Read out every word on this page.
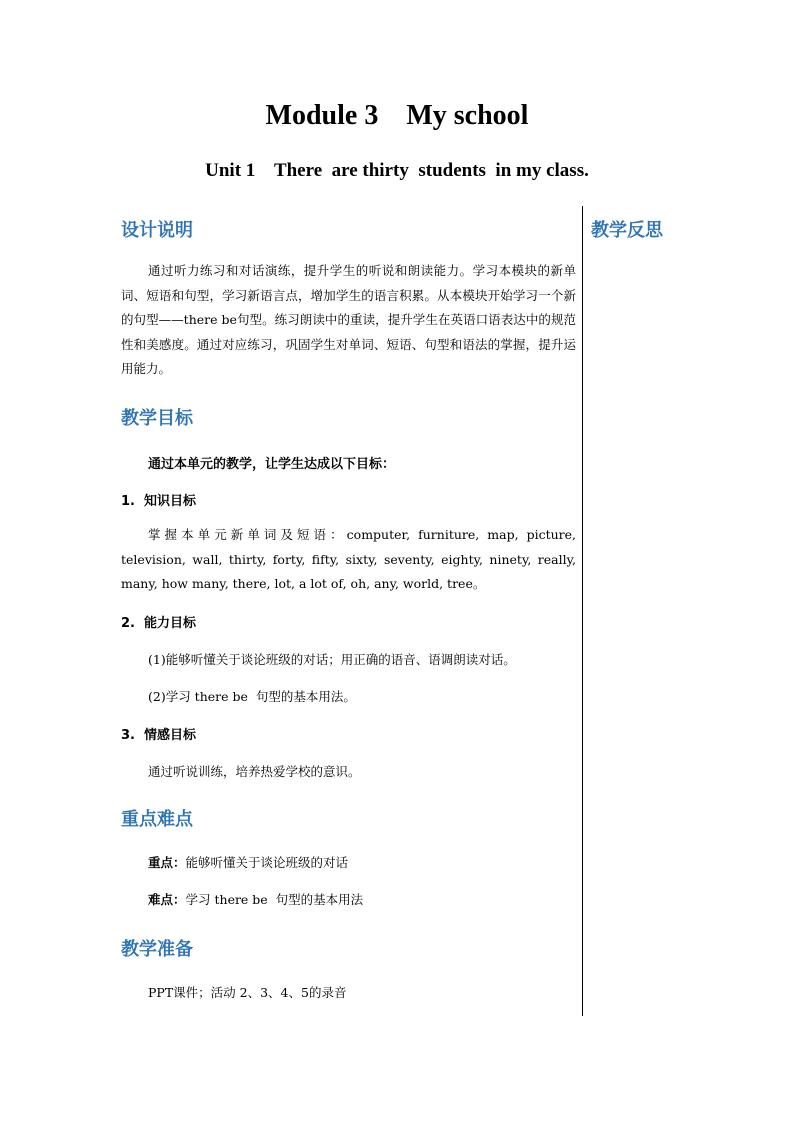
Module 3    My school
Unit 1    There  are thirty  students  in my class.
教学反思
设计说明
通过听力练习和对话演练，提升学生的听说和朗读能力。学习本模块的新单词、短语和句型，学习新语言点，增加学生的语言积累。从本模块开始学习一个新的句型——there be句型。练习朗读中的重读，提升学生在英语口语表达中的规范性和美感度。通过对应练习，巩固学生对单词、短语、句型和语法的掌握，提升运用能力。
教学目标
通过本单元的教学，让学生达成以下目标：
1.  知识目标
掌握本单元新单词及短语：computer, furniture, map, picture, television, wall, thirty, forty, fifty, sixty, seventy, eighty, ninety, really, many, how many, there, lot, a lot of, oh, any, world, tree。
2.  能力目标
(1)能够听懂关于谈论班级的对话；用正确的语音、语调朗读对话。
(2)学习 there be  句型的基本用法。
3.  情感目标
通过听说训练，培养热爱学校的意识。
重点难点
重点：能够听懂关于谈论班级的对话
难点：学习 there be  句型的基本用法
教学准备
PPT课件；活动 2、3、4、5的录音
